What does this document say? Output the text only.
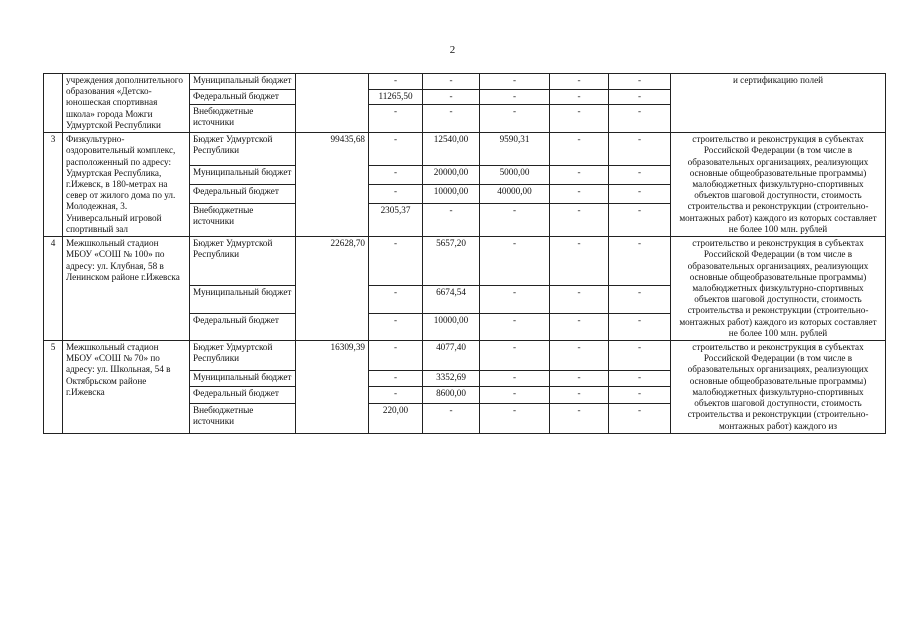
2
	учреждения дополнительного образования «Детско-юношеская спортивная школа» города Можги Удмуртской Республики	Муниципальный бюджет		-	-	-	-	-	и сертификацию полей
		Федеральный бюджет		11265,50	-	-	-	-	
		Внебюджетные источники		-	-	-	-	-	
3	Физкультурно-оздоровительный комплекс, расположенный по адресу: Удмуртская Республика, г.Ижевск, в 180-метрах на север от жилого дома по ул. Молодежная, 3. Универсальный игровой спортивный зал	Бюджет Удмуртской Республики	99435,68	-	12540,00	9590,31	-	-	строительство и реконструкция в субъектах Российской Федерации (в том числе в образовательных организациях, реализующих основные общеобразовательные программы) малобюджетных физкультурно-спортивных объектов шаговой доступности, стоимость строительства и реконструкции (строительно-монтажных работ) каждого из которых составляет не более 100 млн. рублей
		Муниципальный бюджет		-	20000,00	5000,00	-	-	
		Федеральный бюджет		-	10000,00	40000,00	-	-	
		Внебюджетные источники		2305,37	-	-	-	-	
4	Межшкольный стадион МБОУ «СОШ № 100» по адресу: ул. Клубная, 58 в Ленинском районе г.Ижевска	Бюджет Удмуртской Республики	22628,70	-	5657,20	-	-	-	строительство и реконструкция в субъектах Российской Федерации (в том числе в образовательных организациях, реализующих основные общеобразовательные программы) малобюджетных физкультурно-спортивных объектов шаговой доступности, стоимость строительства и реконструкции (строительно-монтажных работ) каждого из которых составляет не более 100 млн. рублей
		Муниципальный бюджет		-	6674,54	-	-	-	
		Федеральный бюджет		-	10000,00	-	-	-	
5	Межшкольный стадион МБОУ «СОШ № 70» по адресу: ул. Школьная, 54 в Октябрьском районе г.Ижевска	Бюджет Удмуртской Республики	16309,39	-	4077,40	-	-	-	строительство и реконструкция в субъектах Российской Федерации (в том числе в образовательных организациях, реализующих основные общеобразовательные программы) малобюджетных физкультурно-спортивных объектов шаговой доступности, стоимость строительства и реконструкции (строительно-монтажных работ) каждого из
		Муниципальный бюджет		-	3352,69	-	-	-	
		Федеральный бюджет		-	8600,00	-	-	-	
		Внебюджетные источники		220,00	-	-	-	-	
